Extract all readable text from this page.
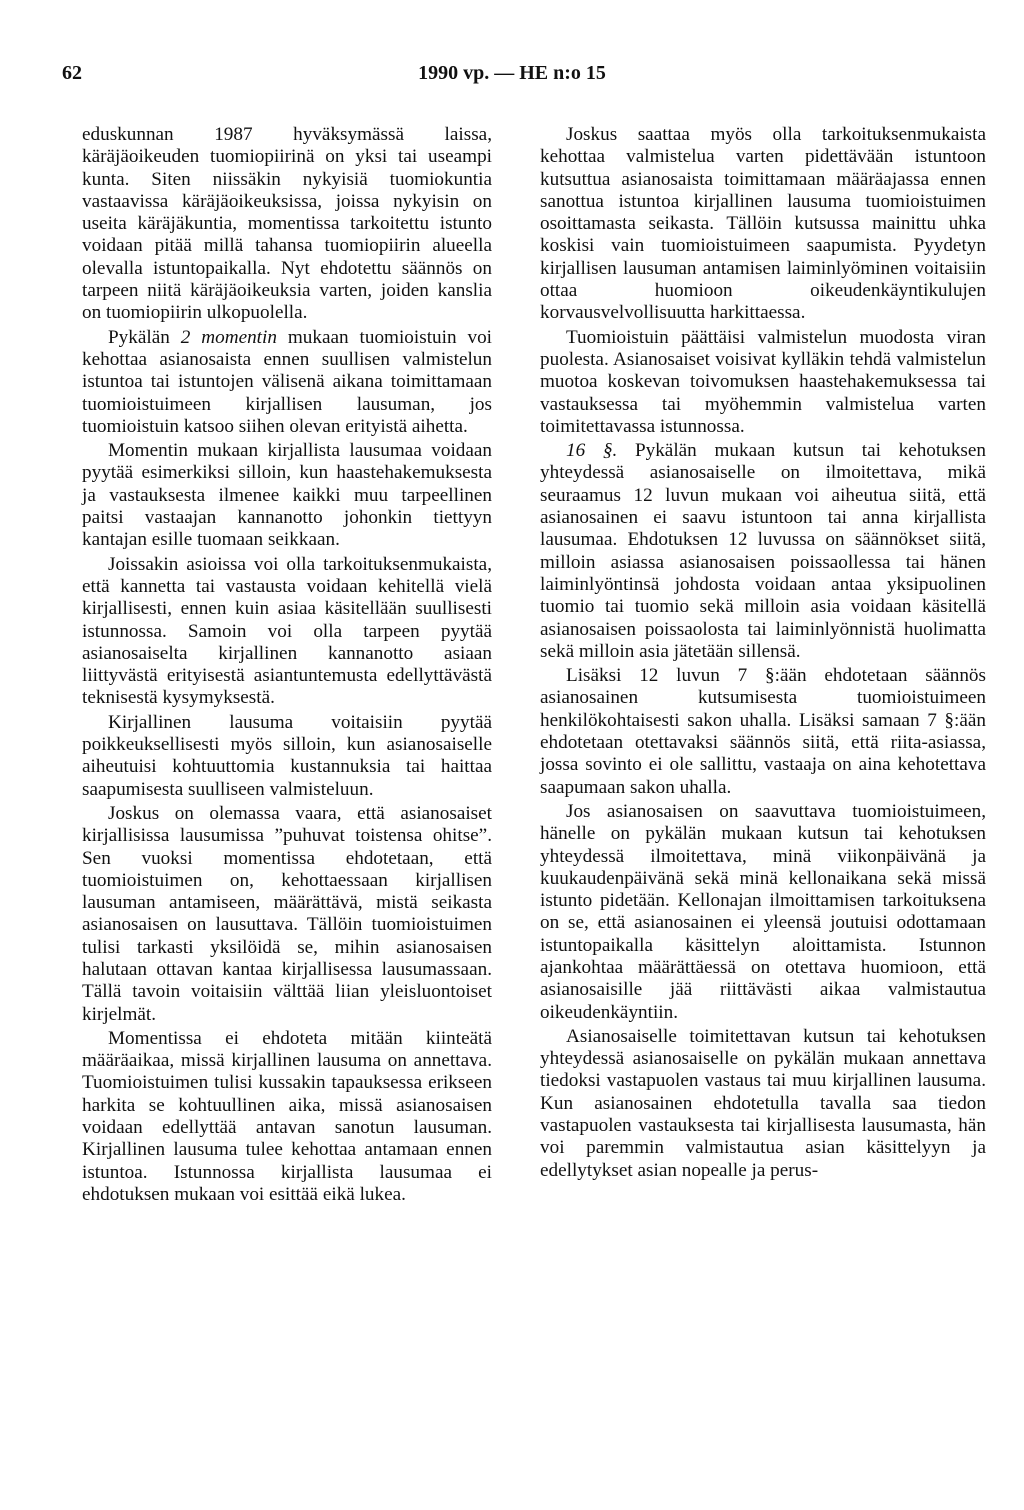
62	1990 vp. — HE n:o 15

eduskunnan 1987 hyväksymässä laissa, käräjäoikeuden tuomiopiirinä on yksi tai useampi kunta. Siten niissäkin nykyisiä tuomiokuntia vastaavissa käräjäoikeuksissa, joissa nykyisin on useita käräjäkuntia, momentissa tarkoitettu istunto voidaan pitää millä tahansa tuomiopiirin alueella olevalla istuntopaikalla. Nyt ehdotettu säännös on tarpeen niitä käräjäoikeuksia varten, joiden kanslia on tuomiopiirin ulkopuolella.

Pykälän 2 momentin mukaan tuomioistuin voi kehottaa asianosaista ennen suullisen valmistelun istuntoa tai istuntojen välisenä aikana toimittamaan tuomioistuimeen kirjallisen lausuman, jos tuomioistuin katsoo siihen olevan erityistä aihetta.

Momentin mukaan kirjallista lausumaa voidaan pyytää esimerkiksi silloin, kun haastehakemuksesta ja vastauksesta ilmenee kaikki muu tarpeellinen paitsi vastaajan kannanotto johonkin tiettyyn kantajan esille tuomaan seikkaan.

Joissakin asioissa voi olla tarkoituksenmukaista, että kannetta tai vastausta voidaan kehitellä vielä kirjallisesti, ennen kuin asiaa käsitellään suullisesti istunnossa. Samoin voi olla tarpeen pyytää asianosaiselta kirjallinen kannanotto asiaan liittyvästä erityisestä asiantuntemusta edellyttävästä teknisestä kysymyksestä.

Kirjallinen lausuma voitaisiin pyytää poikkeuksellisesti myös silloin, kun asianosaiselle aiheutuisi kohtuuttomia kustannuksia tai haittaa saapumisesta suulliseen valmisteluun.

Joskus on olemassa vaara, että asianosaiset kirjallisissa lausumissa ”puhuvat toistensa ohitse”. Sen vuoksi momentissa ehdotetaan, että tuomioistuimen on, kehottaessaan kirjallisen lausuman antamiseen, määrättävä, mistä seikasta asianosaisen on lausuttava. Tällöin tuomioistuimen tulisi tarkasti yksilöidä se, mihin asianosaisen halutaan ottavan kantaa kirjallisessa lausumassaan. Tällä tavoin voitaisiin välttää liian yleisluontoiset kirjelmät.

Momentissa ei ehdoteta mitään kiinteätä määräaikaa, missä kirjallinen lausuma on annettava. Tuomioistuimen tulisi kussakin tapauksessa erikseen harkita se kohtuullinen aika, missä asianosaisen voidaan edellyttää antavan sanotun lausuman. Kirjallinen lausuma tulee kehottaa antamaan ennen istuntoa. Istunnossa kirjallista lausumaa ei ehdotuksen mukaan voi esittää eikä lukea.

Joskus saattaa myös olla tarkoituksenmukaista kehottaa valmistelua varten pidettävään istuntoon kutsuttua asianosaista toimittamaan määräajassa ennen sanottua istuntoa kirjallinen lausuma tuomioistuimen osoittamasta seikasta. Tällöin kutsussa mainittu uhka koskisi vain tuomioistuimeen saapumista. Pyydetyn kirjallisen lausuman antamisen laiminlyöminen voitaisiin ottaa huomioon oikeudenkäyntikulujen korvausvelvollisuutta harkittaessa.

Tuomioistuin päättäisi valmistelun muodosta viran puolesta. Asianosaiset voisivat kylläkin tehdä valmistelun muotoa koskevan toivomuksen haastehakemuksessa tai vastauksessa tai myöhemmin valmistelua varten toimitettavassa istunnossa.

16 §. Pykälän mukaan kutsun tai kehotuksen yhteydessä asianosaiselle on ilmoitettava, mikä seuraamus 12 luvun mukaan voi aiheutua siitä, että asianosainen ei saavu istuntoon tai anna kirjallista lausumaa. Ehdotuksen 12 luvussa on säännökset siitä, milloin asiassa asianosaisen poissaollessa tai hänen laiminlyöntinsä johdosta voidaan antaa yksipuolinen tuomio tai tuomio sekä milloin asia voidaan käsitellä asianosaisen poissaolosta tai laiminlyönnistä huolimatta sekä milloin asia jätetään sillensä.

Lisäksi 12 luvun 7 §:ään ehdotetaan säännös asianosainen kutsumisesta tuomioistuimeen henkilökohtaisesti sakon uhalla. Lisäksi samaan 7 §:ään ehdotetaan otettavaksi säännös siitä, että riita-asiassa, jossa sovinto ei ole sallittu, vastaaja on aina kehotettava saapumaan sakon uhalla.

Jos asianosaisen on saavuttava tuomioistuimeen, hänelle on pykälän mukaan kutsun tai kehotuksen yhteydessä ilmoitettava, minä viikonpäivänä ja kuukaudenpäivänä sekä minä kellonaikana sekä missä istunto pidetään. Kellonajan ilmoittamisen tarkoituksena on se, että asianosainen ei yleensä joutuisi odottamaan istuntopaikalla käsittelyn aloittamista. Istunnon ajankohtaa määrättäessä on otettava huomioon, että asianosaisille jää riittävästi aikaa valmistautua oikeudenkäyntiin.

Asianosaiselle toimitettavan kutsun tai kehotuksen yhteydessä asianosaiselle on pykälän mukaan annettava tiedoksi vastapuolen vastaus tai muu kirjallinen lausuma. Kun asianosainen ehdotetulla tavalla saa tiedon vastapuolen vastauksesta tai kirjallisesta lausumasta, hän voi paremmin valmistautua asian käsittelyyn ja edellytykset asian nopealle ja perus-
